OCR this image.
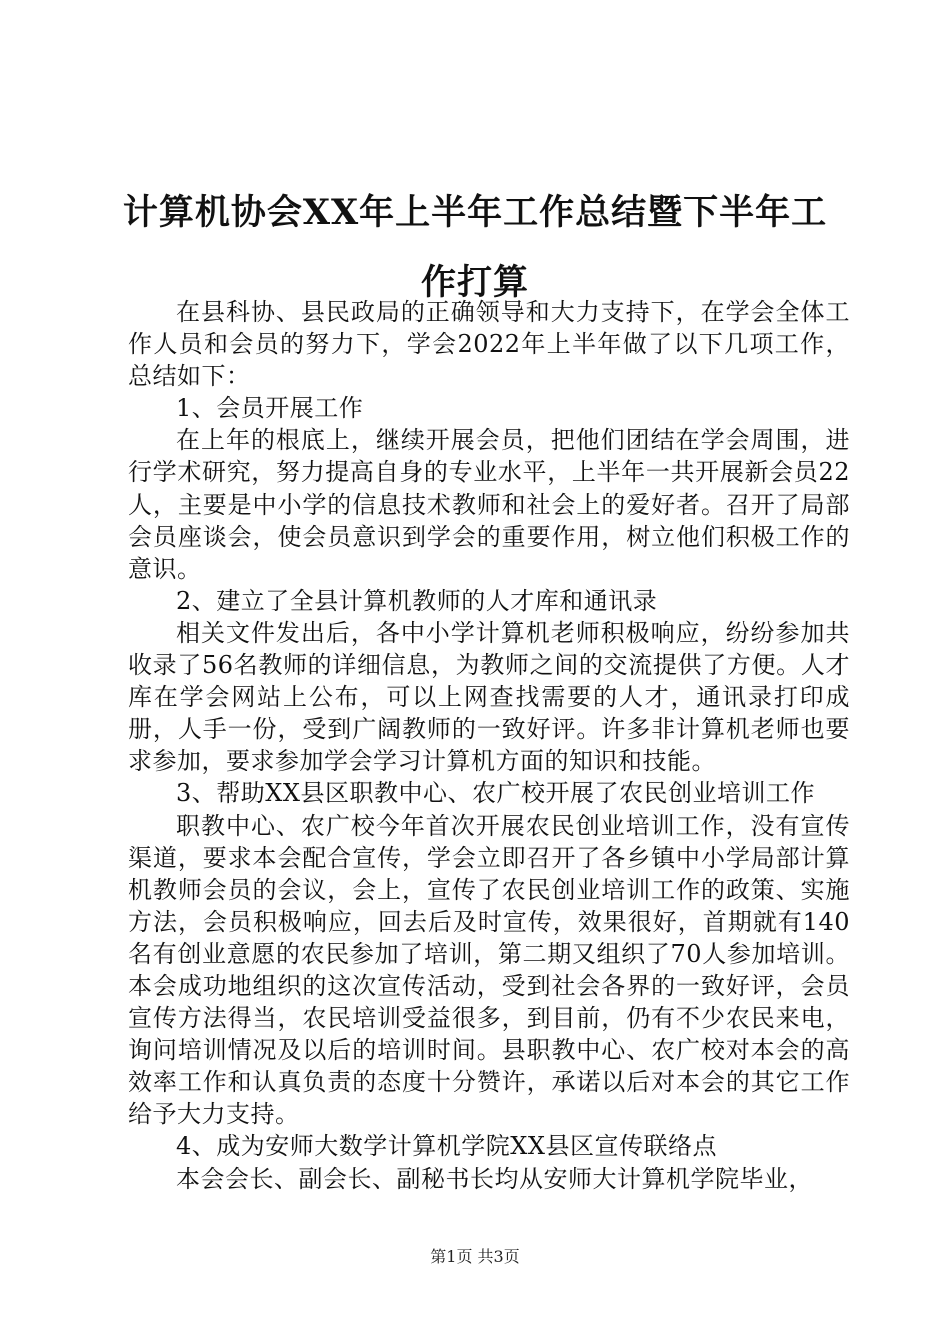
计算机协会XX年上半年工作总结暨下半年工作打算

在县科协、县民政局的正确领导和大力支持下，在学会全体工作人员和会员的努力下，学会2022年上半年做了以下几项工作，总结如下：

1、会员开展工作

在上年的根底上，继续开展会员，把他们团结在学会周围，进行学术研究，努力提高自身的专业水平，上半年一共开展新会员22人，主要是中小学的信息技术教师和社会上的爱好者。召开了局部会员座谈会，使会员意识到学会的重要作用，树立他们积极工作的意识。

2、建立了全县计算机教师的人才库和通讯录

相关文件发出后，各中小学计算机老师积极响应，纷纷参加共收录了56名教师的详细信息，为教师之间的交流提供了方便。人才库在学会网站上公布，可以上网查找需要的人才，通讯录打印成册，人手一份，受到广阔教师的一致好评。许多非计算机老师也要求参加，要求参加学会学习计算机方面的知识和技能。

3、帮助XX县区职教中心、农广校开展了农民创业培训工作

职教中心、农广校今年首次开展农民创业培训工作，没有宣传渠道，要求本会配合宣传，学会立即召开了各乡镇中小学局部计算机教师会员的会议，会上，宣传了农民创业培训工作的政策、实施方法，会员积极响应，回去后及时宣传，效果很好，首期就有140名有创业意愿的农民参加了培训，第二期又组织了70人参加培训。本会成功地组织的这次宣传活动，受到社会各界的一致好评，会员宣传方法得当，农民培训受益很多，到目前，仍有不少农民来电，询问培训情况及以后的培训时间。县职教中心、农广校对本会的高效率工作和认真负责的态度十分赞许，承诺以后对本会的其它工作给予大力支持。

4、成为安师大数学计算机学院XX县区宣传联络点

本会会长、副会长、副秘书长均从安师大计算机学院毕业，

第1页 共3页
